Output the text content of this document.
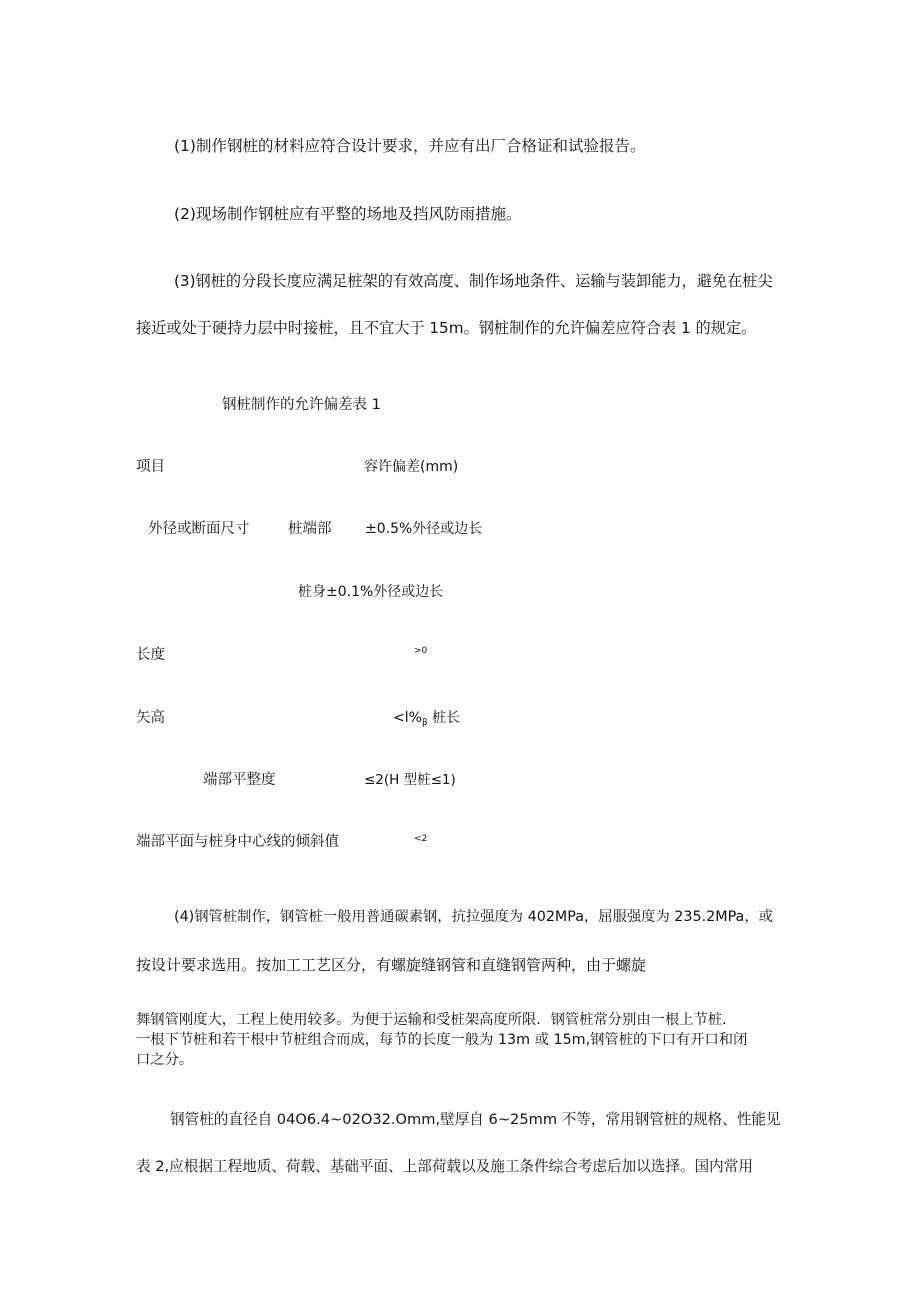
(1)制作钢桩的材料应符合设计要求，并应有出厂合格证和试验报告。
(2)现场制作钢桩应有平整的场地及挡风防雨措施。
(3)钢桩的分段长度应满足桩架的有效高度、制作场地条件、运输与装卸能力，避免在桩尖
接近或处于硬持力层中时接桩，且不宜大于 15m。钢桩制作的允许偏差应符合表 1 的规定。
钢桩制作的允许偏差表 1
项目	容许偏差(mm)
外径或断面尺寸	桩端部 ±0.5%外径或边长
桩身±0.1%外径或边长
长度	>0
矢高	$<l\%_\beta$ 桩长
端部平整度	≤2(H 型桩≤1)
端部平面与桩身中心线的倾斜值	<2
(4)钢管桩制作，钢管桩一般用普通碳素钢，抗拉强度为 402MPa，屈服强度为 235.2MPa，或
按设计要求选用。按加工工艺区分，有螺旋缝钢管和直缝钢管两种，由于螺旋
舞钢管刚度大，工程上使用较多。为便于运输和受桩架高度所限．钢管桩常分别由一根上节桩．
一根下节桩和若干根中节桩组合而成，每节的长度一般为 13m 或 15m,钢管桩的下口有开口和闭
口之分。
钢管桩的直径自 04O6.4~02O32.Omm,壁厚自 6~25mm 不等，常用钢管桩的规格、性能见
表 2,应根据工程地质、荷载、基础平面、上部荷载以及施工条件综合考虑后加以选择。国内常用
